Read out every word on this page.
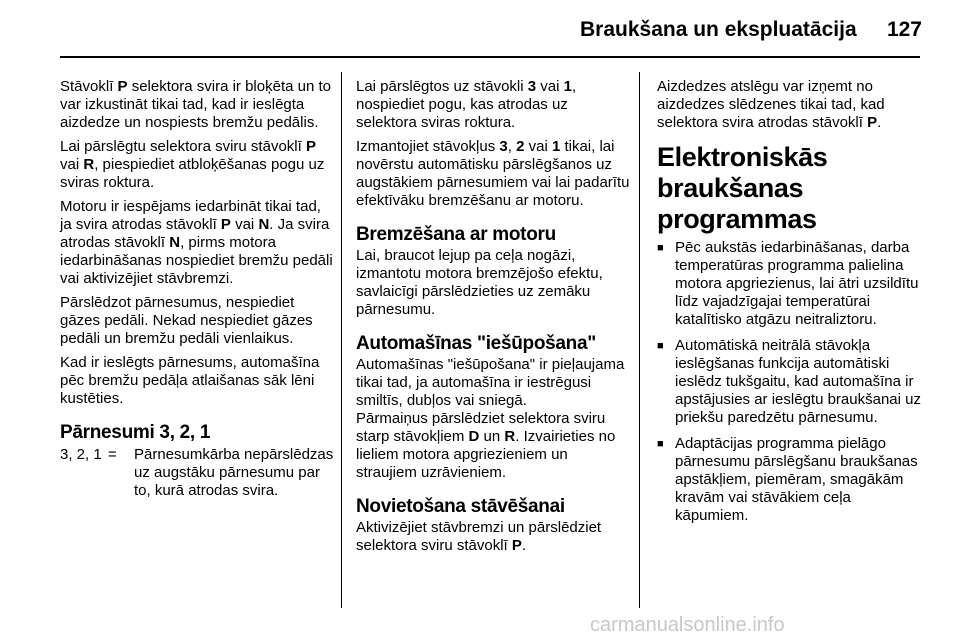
Braukšana un ekspluatācija 127

Stāvoklī P selektora svira ir bloķēta un to var izkustināt tikai tad, kad ir ieslēgta aizdedze un nospiests bremžu pedālis.

Lai pārslēgtu selektora sviru stāvoklī P vai R, piespiediet atbloķēšanas pogu uz sviras roktura.

Motoru ir iespējams iedarbināt tikai tad, ja svira atrodas stāvoklī P vai N. Ja svira atrodas stāvoklī N, pirms motora iedarbināšanas nospiediet bremžu pedāli vai aktivizējiet stāvbremzi.

Pārslēdzot pārnesumus, nespiediet gāzes pedāli. Nekad nespiediet gāzes pedāli un bremžu pedāli vienlaikus.

Kad ir ieslēgts pārnesums, automašīna pēc bremžu pedāļa atlaišanas sāk lēni kustēties.

Pārnesumi 3, 2, 1
3, 2, 1 =	Pārnesumkārba nepārslēdzas uz augstāku pārnesumu par to, kurā atrodas svira.

Lai pārslēgtos uz stāvokli 3 vai 1, nospiediet pogu, kas atrodas uz selektora sviras roktura.

Izmantojiet stāvokļus 3, 2 vai 1 tikai, lai novērstu automātisku pārslēgšanos uz augstākiem pārnesumiem vai lai padarītu efektīvāku bremzēšanu ar motoru.

Bremzēšana ar motoru

Lai, braucot lejup pa ceļa nogāzi, izmantotu motora bremzējošo efektu, savlaicīgi pārslēdzieties uz zemāku pārnesumu.

Automašīnas "iešūpošana"

Automašīnas "iešūpošana" ir pieļaujama tikai tad, ja automašīna ir iestrēgusi smiltīs, dubļos vai sniegā.

Pārmaiņus pārslēdziet selektora sviru starp stāvokļiem D un R. Izvairieties no lieliem motora apgriezieniem un straujiem uzrāvieniem.

Novietošana stāvēšanai

Aktivizējiet stāvbremzi un pārslēdziet selektora sviru stāvoklī P.

Aizdedzes atslēgu var izņemt no aizdedzes slēdzenes tikai tad, kad selektora svira atrodas stāvoklī P.

Elektroniskās braukšanas programmas
■ Pēc aukstās iedarbināšanas, darba temperatūras programma palielina motora apgriezienus, lai ātri uzsildītu līdz vajadzīgajai temperatūrai katalītisko atgāzu neitraliztoru.
■ Automātiskā neitrālā stāvokļa ieslēgšanas funkcija automātiski ieslēdz tukšgaitu, kad automašīna ir apstājusies ar ieslēgtu braukšanai uz priekšu paredzētu pārnesumu.
■ Adaptācijas programma pielāgo pārnesumu pārslēgšanu braukšanas apstākļiem, piemēram, smagākām kravām vai stāvākiem ceļa kāpumiem.
carmanualsonline.info
